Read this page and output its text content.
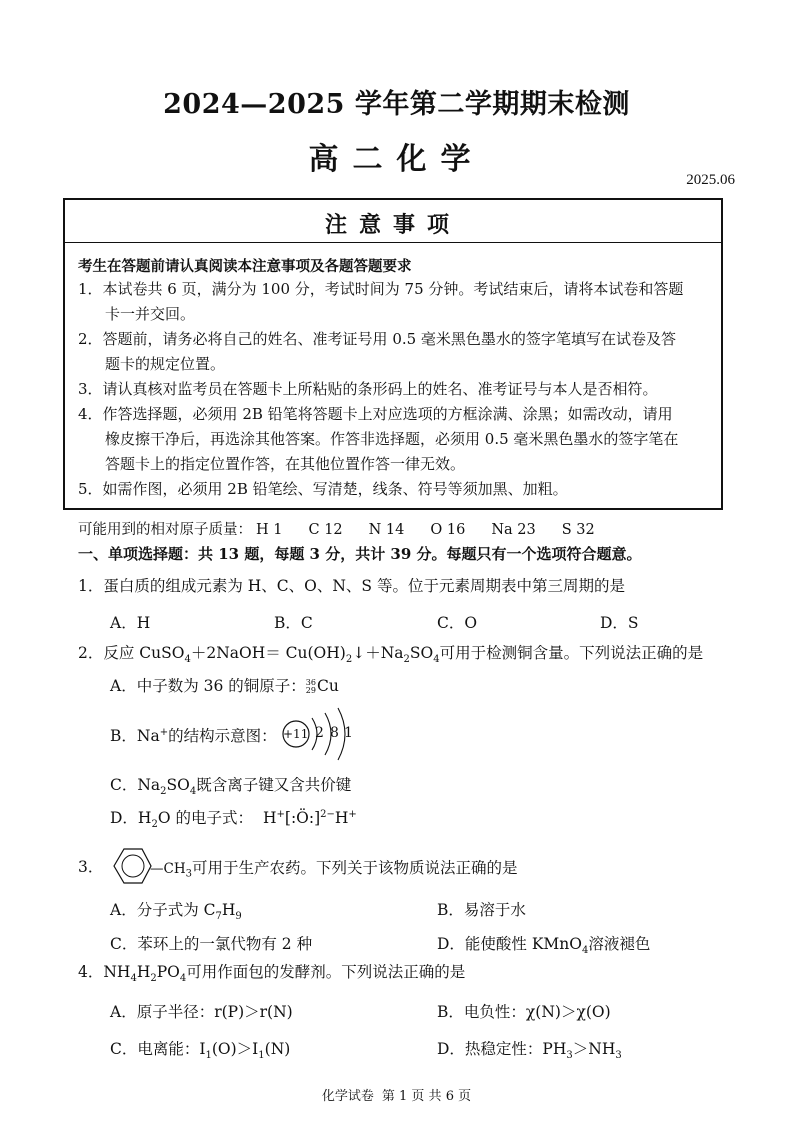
2024—2025 学年第二学期期末检测
高二化学
2025.06
注意事项
考生在答题前请认真阅读本注意事项及各题答题要求
1．本试卷共 6 页，满分为 100 分，考试时间为 75 分钟。考试结束后，请将本试卷和答题
卡一并交回。
2．答题前，请务必将自己的姓名、准考证号用 0.5 毫米黑色墨水的签字笔填写在试卷及答
题卡的规定位置。
3．请认真核对监考员在答题卡上所粘贴的条形码上的姓名、准考证号与本人是否相符。
4．作答选择题，必须用 2B 铅笔将答题卡上对应选项的方框涂满、涂黑；如需改动，请用
橡皮擦干净后，再选涂其他答案。作答非选择题，必须用 0.5 毫米黑色墨水的签字笔在
答题卡上的指定位置作答，在其他位置作答一律无效。
5．如需作图，必须用 2B 铅笔绘、写清楚，线条、符号等须加黑、加粗。
可能用到的相对原子质量： H 1 C 12 N 14 O 16 Na 23 S 32
一、单项选择题：共 13 题，每题 3 分，共计 39 分。每题只有一个选项符合题意。
1．蛋白质的组成元素为 H、C、O、N、S 等。位于元素周期表中第三周期的是
A．H	B．C	C．O	D．S
2．反应 CuSO$_4$＋2NaOH＝ $Cu(OH)_2↓+Na_2SO_4$可用于检测铜含量。下列说法正确的是
A．中子数为 36 的铜原子： 36
29 Cu
B．Na+的结构示意图： +11 2 8 1
C．$Na_2SO_4$既含离子键又含共价键
D．$H_2O$ 的电子式： H+[:Ö:]$^{2-}$H+
3．	$—CH_3$可用于生产农药。下列关于该物质说法正确的是
A．分子式为 $C_7H_9$	B．易溶于水
C．苯环上的一氯代物有 2 种	D．能使酸性 KMnO$_4$溶液褪色
4．$NH_4H_2PO_4$可用作面包的发酵剂。下列说法正确的是
A．原子半径：r(P)＞r(N)	B．电负性：χ(N)＞χ(O)
C．电离能：$I_1(O)>I_1(N)$	D．热稳定性：$PH_3>NH_3$
化学试卷 第 1 页 共 6 页
